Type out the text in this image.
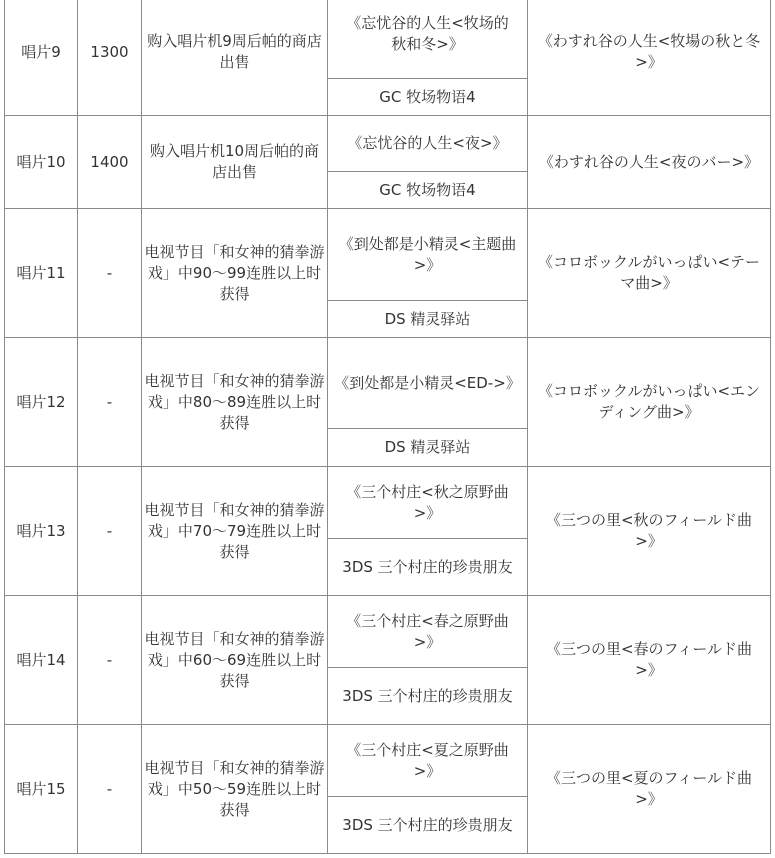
唱片9	1300	购入唱片机9周后帕的商店出售	《忘忧谷的人生<牧场的秋和冬>》	《わすれ谷の人生<牧場の秋と冬>》
			GC 牧场物语4	
唱片10	1400	购入唱片机10周后帕的商店出售	《忘忧谷的人生<夜>》	《わすれ谷の人生<夜のバー>》
			GC 牧场物语4	
唱片11	-	电视节目「和女神的猜拳游戏」中90～99连胜以上时获得	《到处都是小精灵<主题曲>》	《コロボックルがいっぱい<テーマ曲>》
			DS 精灵驿站	
唱片12	-	电视节目「和女神的猜拳游戏」中80～89连胜以上时获得	《到处都是小精灵<ED->》	《コロボックルがいっぱい<エンディング曲>》
			DS 精灵驿站	
唱片13	-	电视节目「和女神的猜拳游戏」中70～79连胜以上时获得	《三个村庄<秋之原野曲>》	《三つの里<秋のフィールド曲>》
			3DS 三个村庄的珍贵朋友	
唱片14	-	电视节目「和女神的猜拳游戏」中60～69连胜以上时获得	《三个村庄<春之原野曲>》	《三つの里<春のフィールド曲>》
			3DS 三个村庄的珍贵朋友	
唱片15	-	电视节目「和女神的猜拳游戏」中50～59连胜以上时获得	《三个村庄<夏之原野曲>》	《三つの里<夏のフィールド曲>》
			3DS 三个村庄的珍贵朋友	
